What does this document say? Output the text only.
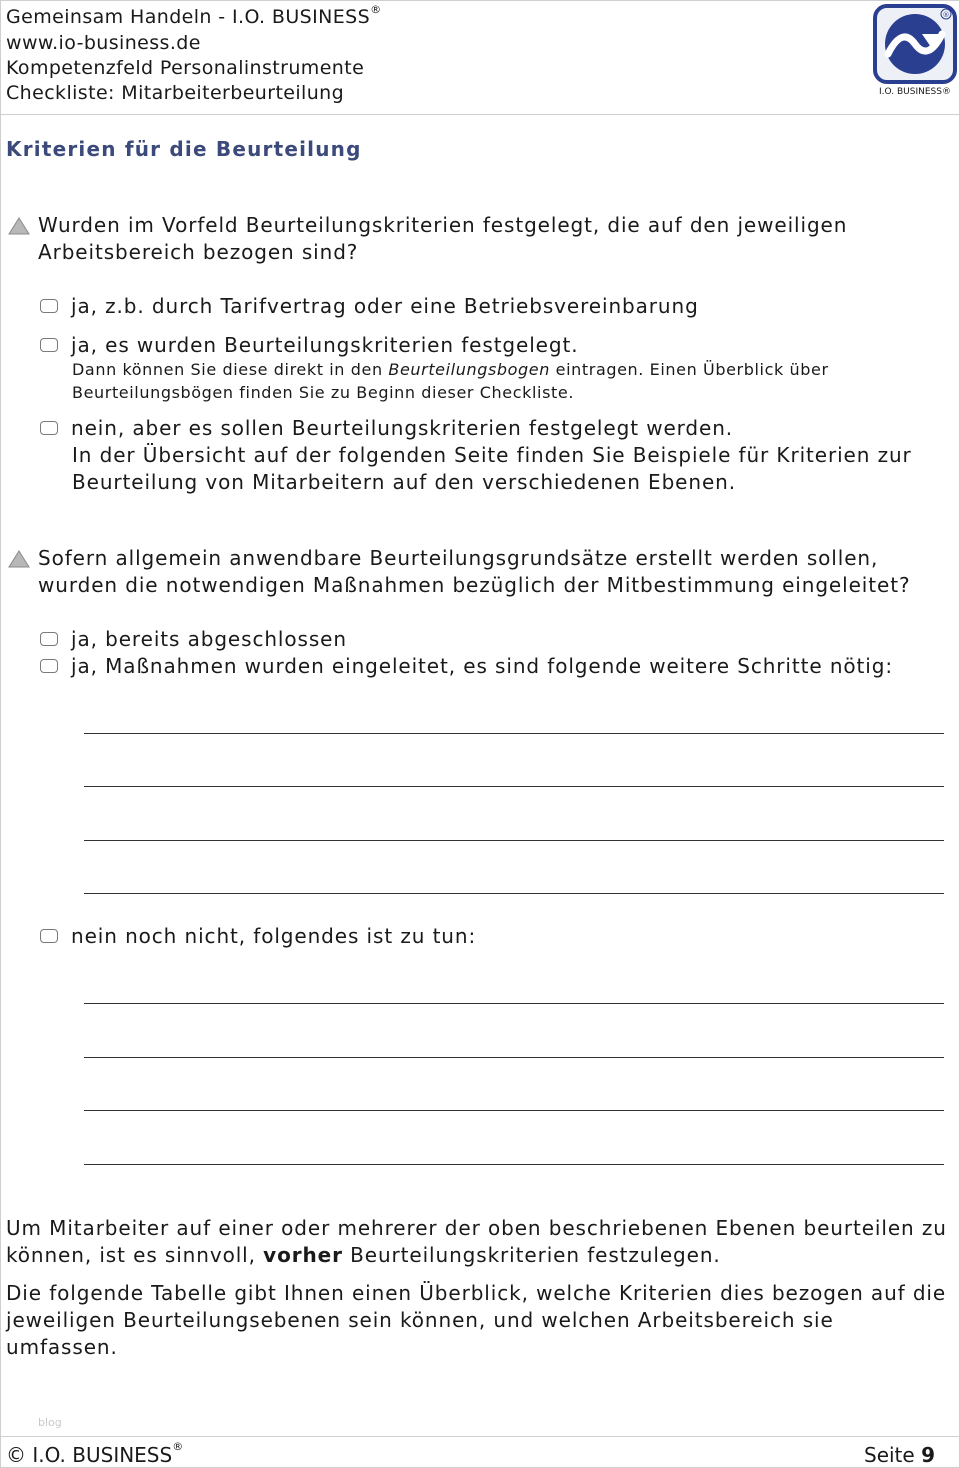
Gemeinsam Handeln - I.O. BUSINESS®
www.io-business.de
Kompetenzfeld Personalinstrumente
Checkliste: Mitarbeiterbeurteilung
®
I.O. BUSINESS®
Kriterien für die Beurteilung
Wurden im Vorfeld Beurteilungskriterien festgelegt, die auf den jeweiligen Arbeitsbereich bezogen sind?
ja, z.b. durch Tarifvertrag oder eine Betriebsvereinbarung
ja, es wurden Beurteilungskriterien festgelegt.
Dann können Sie diese direkt in den Beurteilungsbogen eintragen. Einen Überblick über Beurteilungsbögen finden Sie zu Beginn dieser Checkliste.
nein, aber es sollen Beurteilungskriterien festgelegt werden.
In der Übersicht auf der folgenden Seite finden Sie Beispiele für Kriterien zur Beurteilung von Mitarbeitern auf den verschiedenen Ebenen.
Sofern allgemein anwendbare Beurteilungsgrundsätze erstellt werden sollen, wurden die notwendigen Maßnahmen bezüglich der Mitbestimmung eingeleitet?
ja, bereits abgeschlossen
ja, Maßnahmen wurden eingeleitet, es sind folgende weitere Schritte nötig:
nein noch nicht, folgendes ist zu tun:
Um Mitarbeiter auf einer oder mehrerer der oben beschriebenen Ebenen beurteilen zu können, ist es sinnvoll, vorher Beurteilungskriterien festzulegen.
Die folgende Tabelle gibt Ihnen einen Überblick, welche Kriterien dies bezogen auf die jeweiligen Beurteilungsebenen sein können, und welchen Arbeitsbereich sie umfassen.
blog
© I.O. BUSINESS®	Seite 9
